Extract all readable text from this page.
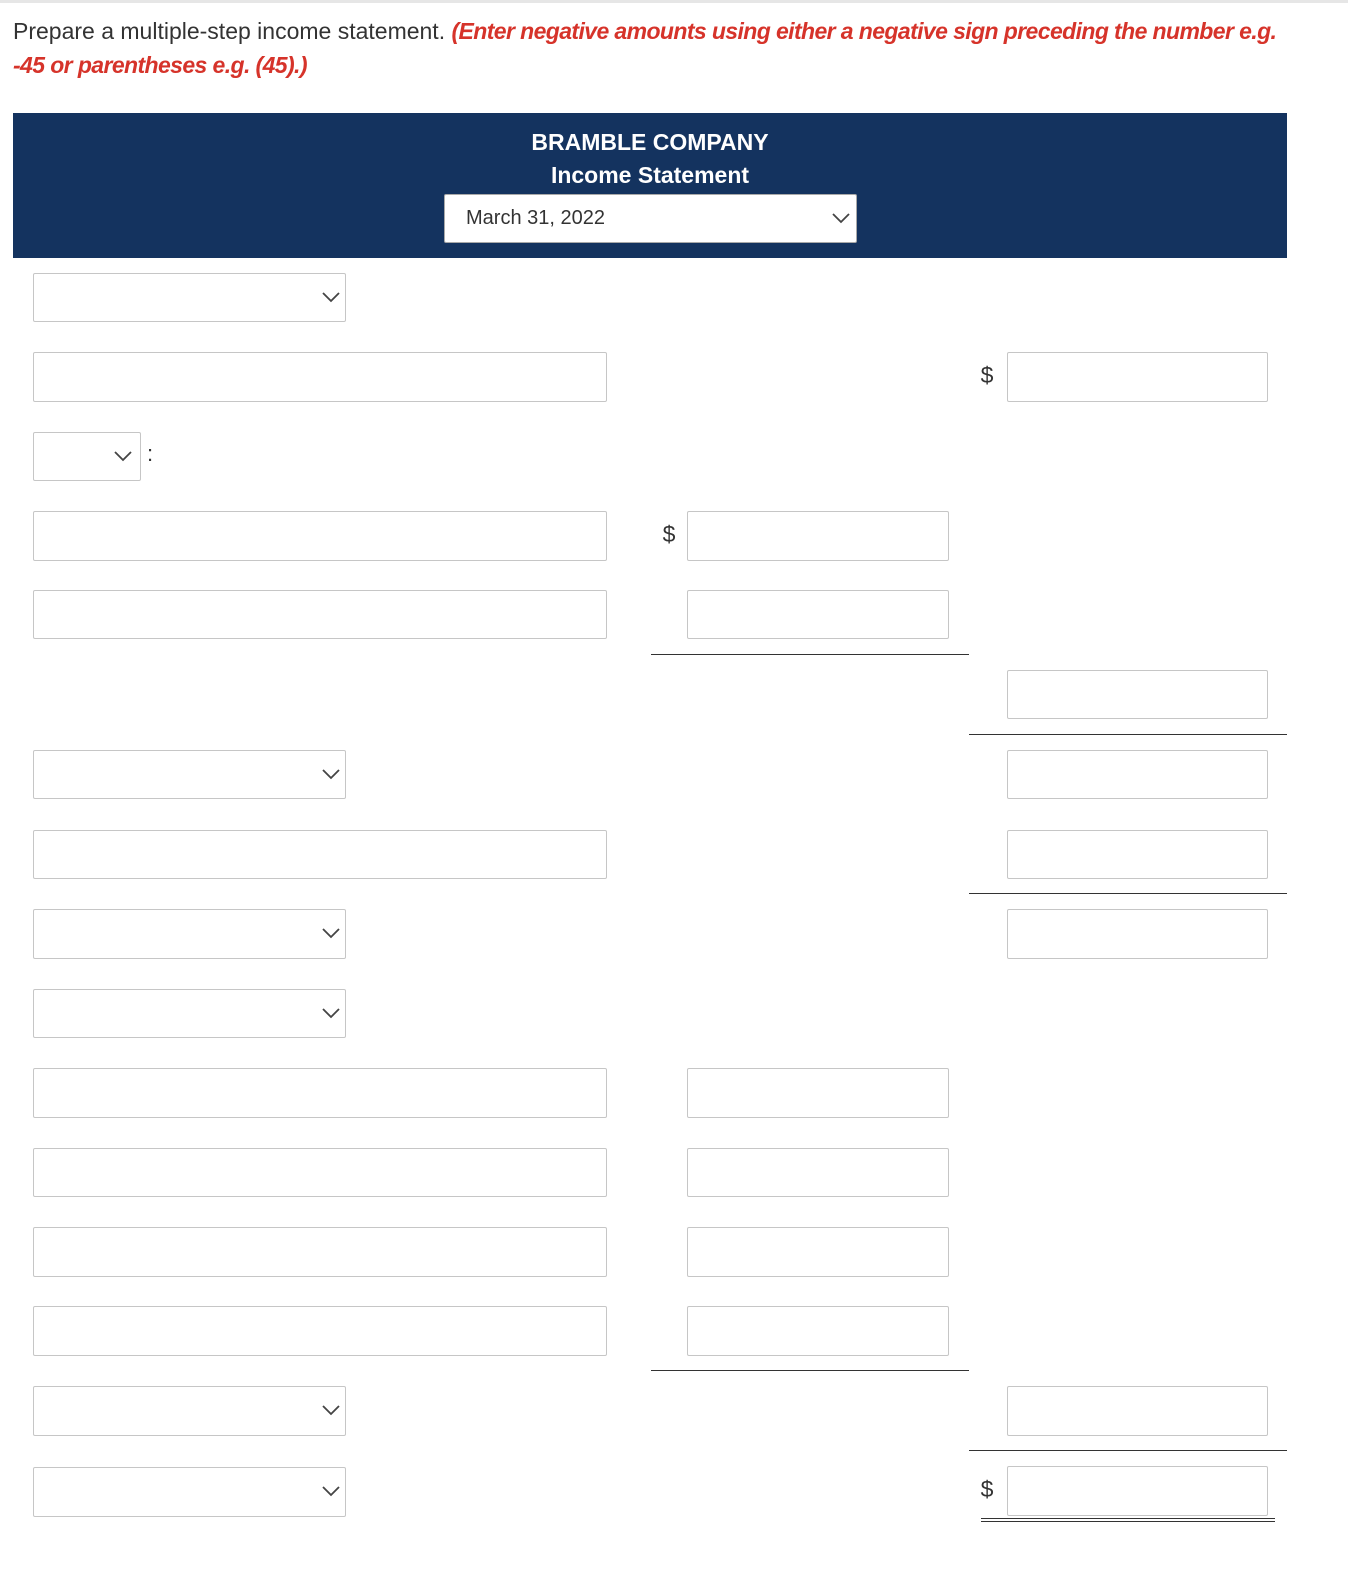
Prepare a multiple-step income statement. (Enter negative amounts using either a negative sign preceding the number e.g. -45 or parentheses e.g. (45).)
BRAMBLE COMPANY
Income Statement
March 31, 2022
$
:
$
$
